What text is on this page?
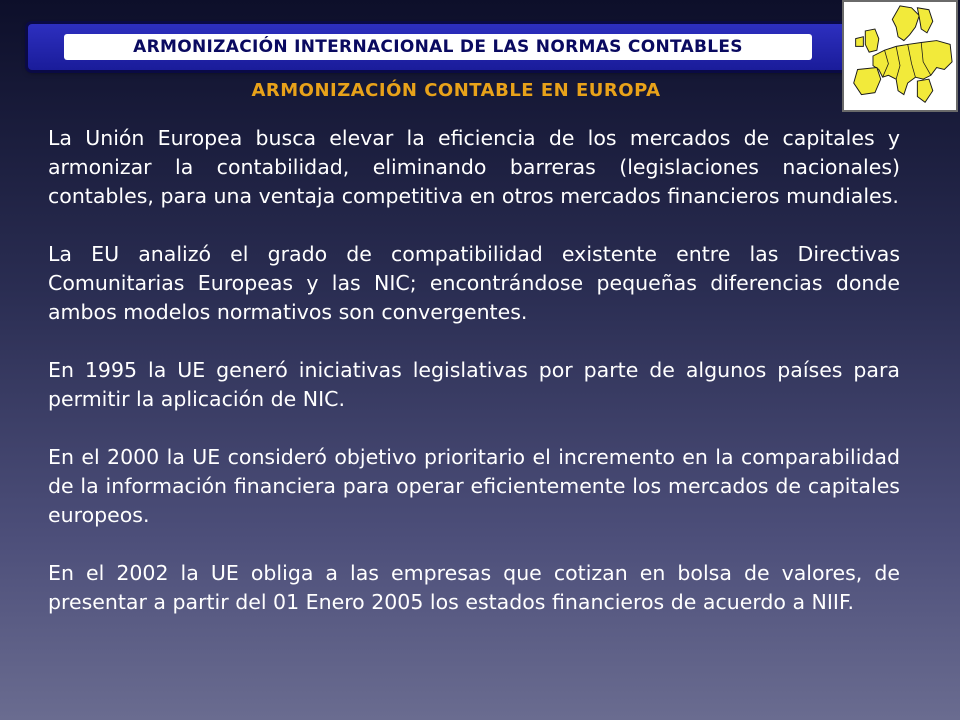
ARMONIZACIÓN INTERNACIONAL DE LAS NORMAS CONTABLES
ARMONIZACIÓN CONTABLE EN EUROPA

La Unión Europea busca elevar la eficiencia de los mercados de capitales y armonizar la contabilidad, eliminando barreras (legislaciones nacionales) contables, para una ventaja competitiva en otros mercados financieros mundiales.

La EU analizó el grado de compatibilidad existente entre las Directivas Comunitarias Europeas y las NIC; encontrándose pequeñas diferencias donde ambos modelos normativos son convergentes.

En 1995 la UE generó iniciativas legislativas por parte de algunos países para permitir la aplicación de NIC.

En el 2000 la UE consideró objetivo prioritario el incremento en la comparabilidad de la información financiera para operar eficientemente los mercados de capitales europeos.

En el 2002 la UE obliga a las empresas que cotizan en bolsa de valores, de presentar a partir del 01 Enero 2005 los estados financieros de acuerdo a NIIF.
